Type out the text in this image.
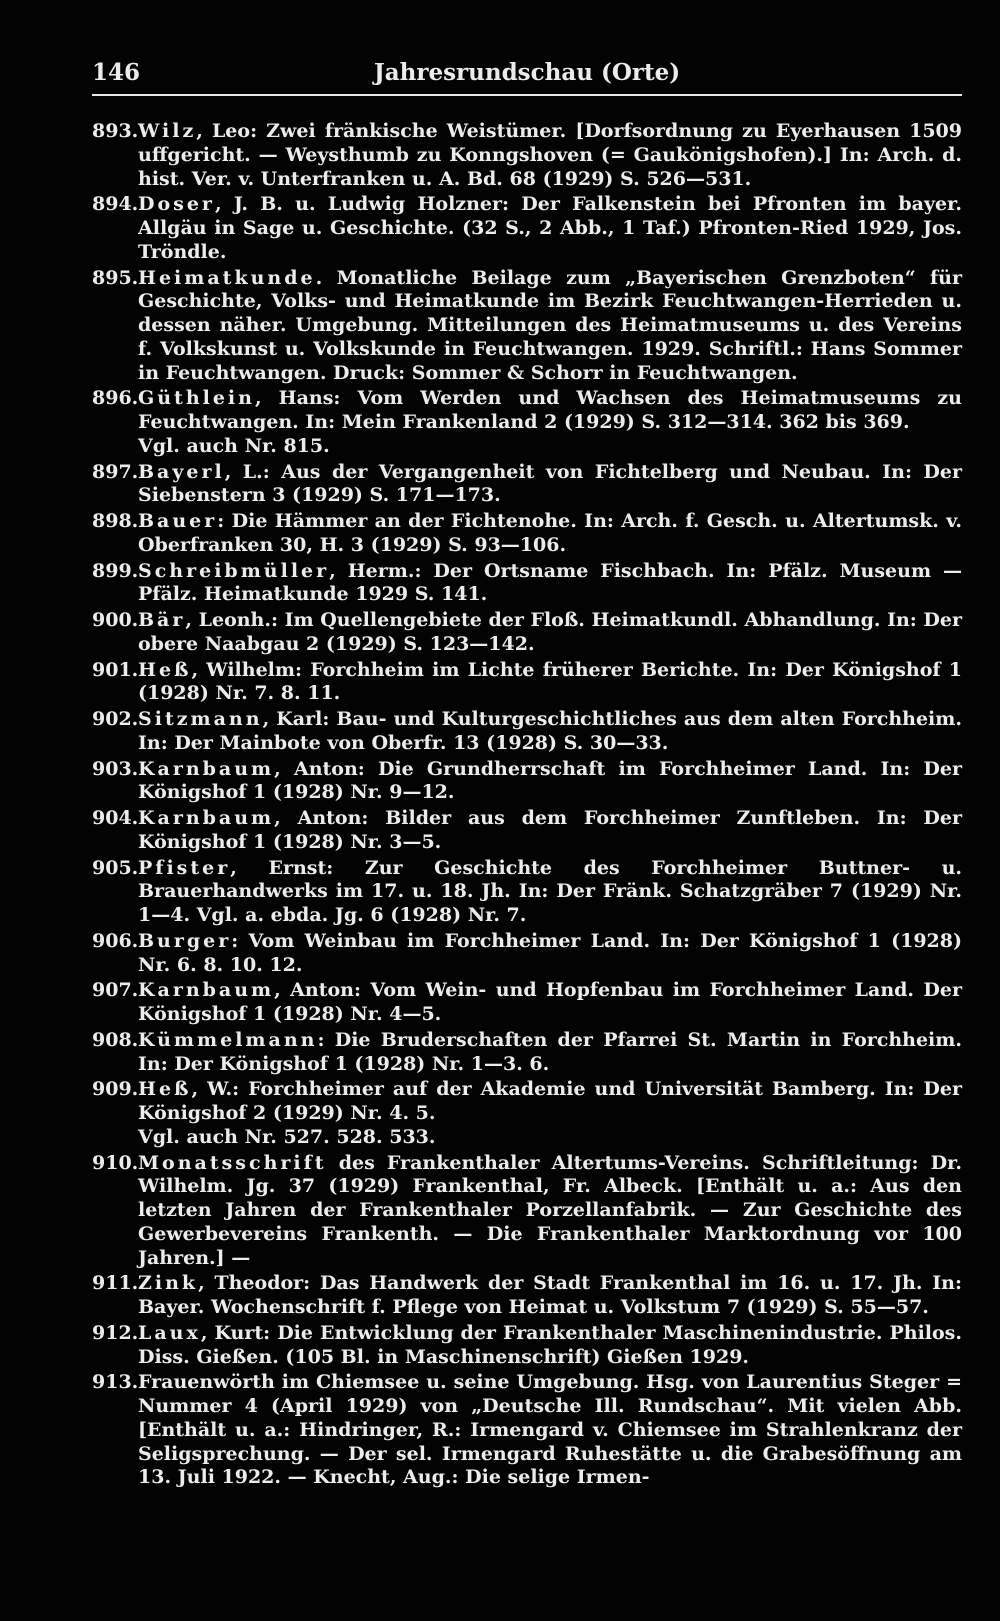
146	Jahresrundschau (Orte)
893. Wilz, Leo: Zwei fränkische Weistümer. [Dorfsordnung zu Eyerhausen 1509 uffgericht. — Weysthumb zu Konngshoven (= Gaukönigshofen).] In: Arch. d. hist. Ver. v. Unterfranken u. A. Bd. 68 (1929) S. 526—531.
894. Doser, J. B. u. Ludwig Holzner: Der Falkenstein bei Pfronten im bayer. Allgäu in Sage u. Geschichte. (32 S., 2 Abb., 1 Taf.) Pfronten-Ried 1929, Jos. Tröndle.
895. Heimatkunde. Monatliche Beilage zum „Bayerischen Grenzboten“ für Geschichte, Volks- und Heimatkunde im Bezirk Feuchtwangen-Herrieden u. dessen näher. Umgebung. Mitteilungen des Heimatmuseums u. des Vereins f. Volkskunst u. Volkskunde in Feuchtwangen. 1929. Schriftl.: Hans Sommer in Feuchtwangen. Druck: Sommer & Schorr in Feuchtwangen.
896. Güthlein, Hans: Vom Werden und Wachsen des Heimatmuseums zu Feuchtwangen. In: Mein Frankenland 2 (1929) S. 312—314. 362 bis 369.
Vgl. auch Nr. 815.
897. Bayerl, L.: Aus der Vergangenheit von Fichtelberg und Neubau. In: Der Siebenstern 3 (1929) S. 171—173.
898. Bauer: Die Hämmer an der Fichtenohe. In: Arch. f. Gesch. u. Altertumsk. v. Oberfranken 30, H. 3 (1929) S. 93—106.
899. Schreibmüller, Herm.: Der Ortsname Fischbach. In: Pfälz. Museum — Pfälz. Heimatkunde 1929 S. 141.
900. Bär, Leonh.: Im Quellengebiete der Floß. Heimatkundl. Abhandlung. In: Der obere Naabgau 2 (1929) S. 123—142.
901. Heß, Wilhelm: Forchheim im Lichte früherer Berichte. In: Der Königshof 1 (1928) Nr. 7. 8. 11.
902. Sitzmann, Karl: Bau- und Kulturgeschichtliches aus dem alten Forchheim. In: Der Mainbote von Oberfr. 13 (1928) S. 30—33.
903. Karnbaum, Anton: Die Grundherrschaft im Forchheimer Land. In: Der Königshof 1 (1928) Nr. 9—12.
904. Karnbaum, Anton: Bilder aus dem Forchheimer Zunftleben. In: Der Königshof 1 (1928) Nr. 3—5.
905. Pfister, Ernst: Zur Geschichte des Forchheimer Buttner- u. Brauerhandwerks im 17. u. 18. Jh. In: Der Fränk. Schatzgräber 7 (1929) Nr. 1—4. Vgl. a. ebda. Jg. 6 (1928) Nr. 7.
906. Burger: Vom Weinbau im Forchheimer Land. In: Der Königshof 1 (1928) Nr. 6. 8. 10. 12.
907. Karnbaum, Anton: Vom Wein- und Hopfenbau im Forchheimer Land. Der Königshof 1 (1928) Nr. 4—5.
908. Kümmelmann: Die Bruderschaften der Pfarrei St. Martin in Forchheim. In: Der Königshof 1 (1928) Nr. 1—3. 6.
909. Heß, W.: Forchheimer auf der Akademie und Universität Bamberg. In: Der Königshof 2 (1929) Nr. 4. 5.
Vgl. auch Nr. 527. 528. 533.
910. Monatsschrift des Frankenthaler Altertums-Vereins. Schriftleitung: Dr. Wilhelm. Jg. 37 (1929) Frankenthal, Fr. Albeck. [Enthält u. a.: Aus den letzten Jahren der Frankenthaler Porzellanfabrik. — Zur Geschichte des Gewerbevereins Frankenth. — Die Frankenthaler Marktordnung vor 100 Jahren.] —
911. Zink, Theodor: Das Handwerk der Stadt Frankenthal im 16. u. 17. Jh. In: Bayer. Wochenschrift f. Pflege von Heimat u. Volkstum 7 (1929) S. 55—57.
912. Laux, Kurt: Die Entwicklung der Frankenthaler Maschinenindustrie. Philos. Diss. Gießen. (105 Bl. in Maschinenschrift) Gießen 1929.
913. Frauenwörth im Chiemsee u. seine Umgebung. Hsg. von Laurentius Steger = Nummer 4 (April 1929) von „Deutsche Ill. Rundschau“. Mit vielen Abb. [Enthält u. a.: Hindringer, R.: Irmengard v. Chiemsee im Strahlenkranz der Seligsprechung. — Der sel. Irmengard Ruhestätte u. die Grabesöffnung am 13. Juli 1922. — Knecht, Aug.: Die selige Irmen-
